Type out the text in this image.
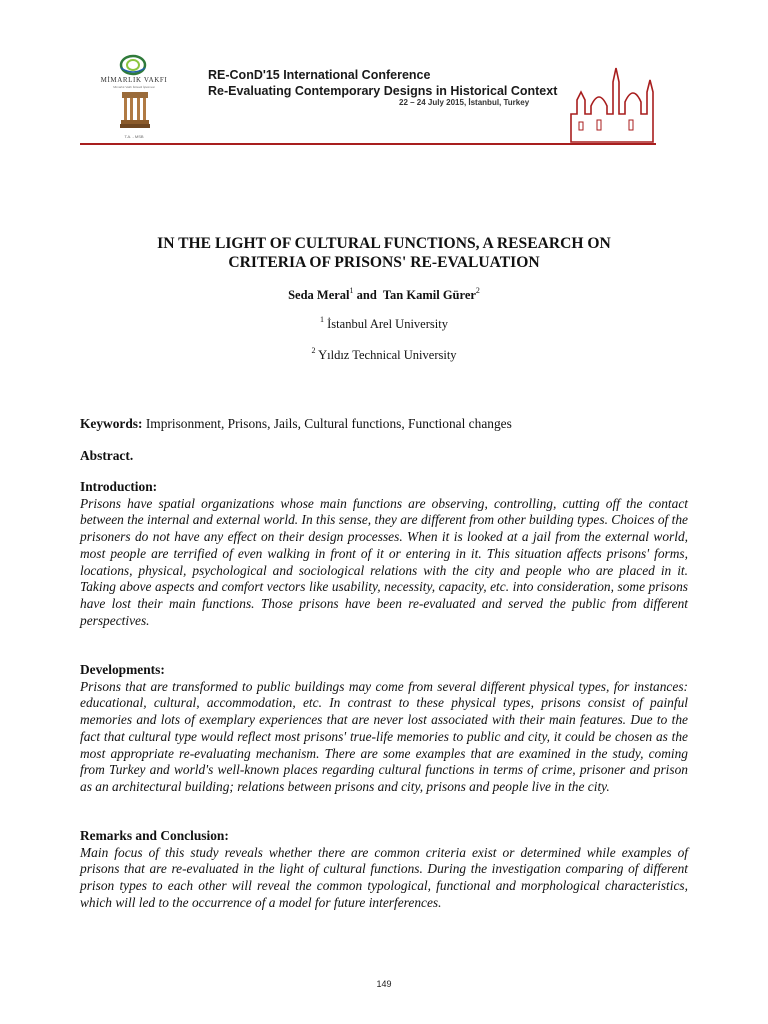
MİMARLIK VAKFI
Mimarlık Vakfı İktisadi İşletmesi
T.A. - MSB
RE-ConD'15 International Conference
Re-Evaluating Contemporary Designs in Historical Context
22 – 24 July 2015, İstanbul, Turkey
IN THE LIGHT OF CULTURAL FUNCTIONS, A RESEARCH ON
CRITERIA OF PRISONS' RE-EVALUATION
Seda Meral$^1$ and  Tan Kamil Gürer$^2$
$^1$ İstanbul Arel University
$^2$ Yıldız Technical University
Keywords: Imprisonment, Prisons, Jails, Cultural functions, Functional changes
Abstract.
Introduction:
Prisons have spatial organizations whose main functions are observing, controlling, cutting off the contact between the internal and external world. In this sense, they are different from other building types. Choices of the prisoners do not have any effect on their design processes. When it is looked at a jail from the external world, most people are terrified of even walking in front of it or entering in it. This situation affects prisons' forms, locations, physical, psychological and sociological relations with the city and people who are placed in it. Taking above aspects and comfort vectors like usability, necessity, capacity, etc. into consideration, some prisons have lost their main functions. Those prisons have been re-evaluated and served the public from different perspectives.
Developments:
Prisons that are transformed to public buildings may come from several different physical types, for instances: educational, cultural, accommodation, etc. In contrast to these physical types, prisons consist of painful memories and lots of exemplary experiences that are never lost associated with their main features. Due to the fact that cultural type would reflect most prisons' true-life memories to public and city, it could be chosen as the most appropriate re-evaluating mechanism. There are some examples that are examined in the study, coming from Turkey and world's well-known places regarding cultural functions in terms of crime, prisoner and prison as an architectural building; relations between prisons and city, prisons and people live in the city.
Remarks and Conclusion:
Main focus of this study reveals whether there are common criteria exist or determined while examples of prisons that are re-evaluated in the light of cultural functions. During the investigation comparing of different prison types to each other will reveal the common typological, functional and morphological characteristics, which will led to the occurrence of a model for future interferences.
149
